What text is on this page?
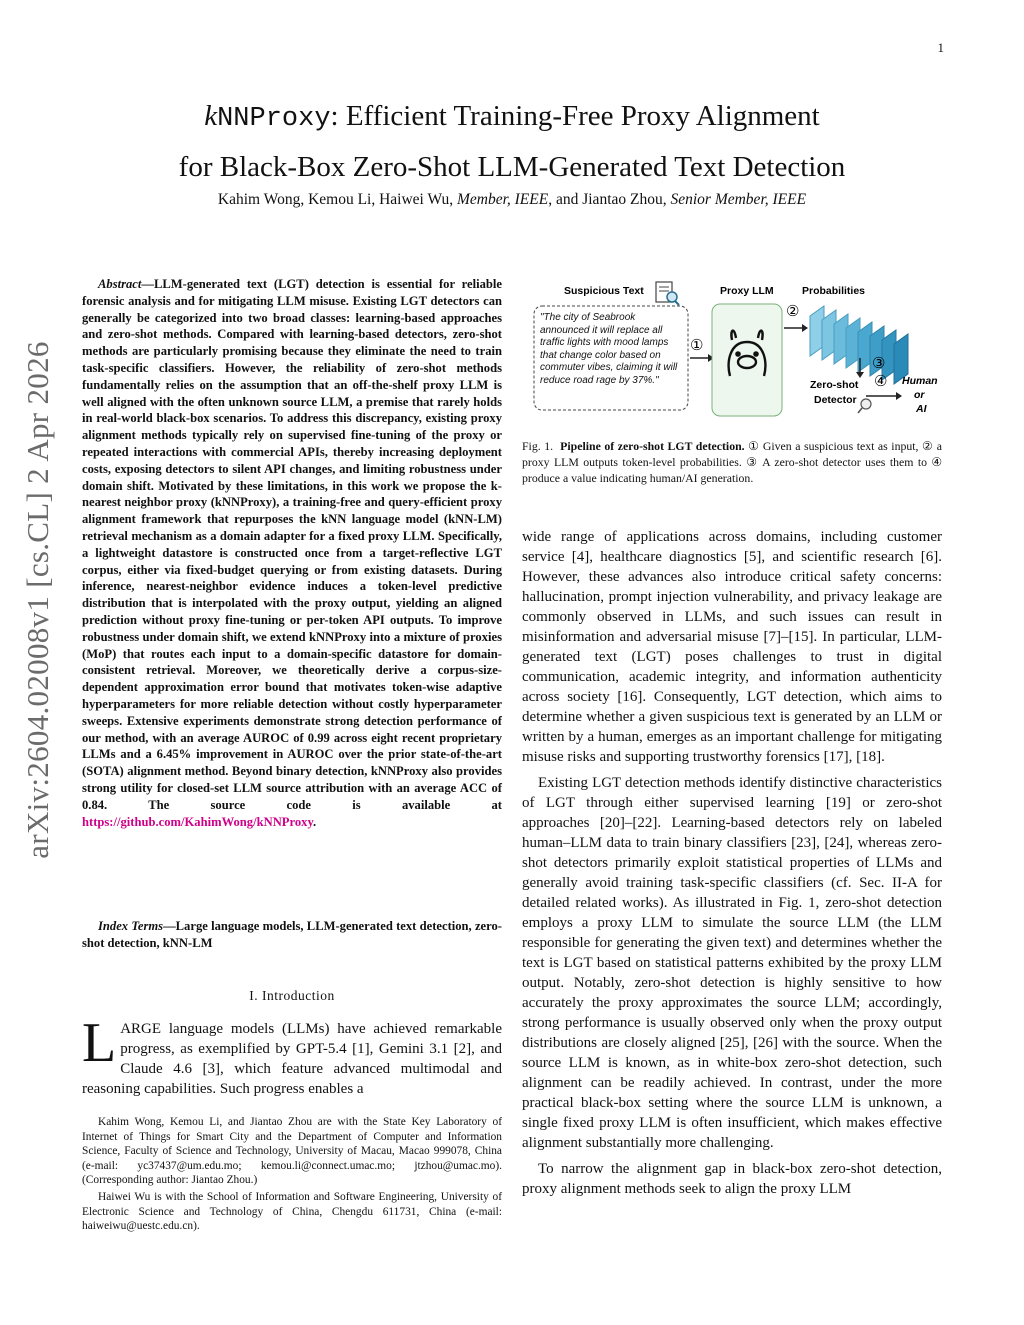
1
arXiv:2604.02008v1 [cs.CL] 2 Apr 2026
kNNProxy: Efficient Training-Free Proxy Alignment
for Black-Box Zero-Shot LLM-Generated Text Detection
Kahim Wong, Kemou Li, Haiwei Wu, Member, IEEE, and Jiantao Zhou, Senior Member, IEEE
Abstract—LLM-generated text (LGT) detection is essential for reliable forensic analysis and for mitigating LLM misuse. Existing LGT detectors can generally be categorized into two broad classes: learning-based approaches and zero-shot methods. Compared with learning-based detectors, zero-shot methods are particularly promising because they eliminate the need to train task-specific classifiers. However, the reliability of zero-shot methods fundamentally relies on the assumption that an off-the-shelf proxy LLM is well aligned with the often unknown source LLM, a premise that rarely holds in real-world black-box scenarios. To address this discrepancy, existing proxy alignment methods typically rely on supervised fine-tuning of the proxy or repeated interactions with commercial APIs, thereby increasing deployment costs, exposing detectors to silent API changes, and limiting robustness under domain shift. Motivated by these limitations, in this work we propose the k-nearest neighbor proxy (kNNProxy), a training-free and query-efficient proxy alignment framework that repurposes the kNN language model (kNN-LM) retrieval mechanism as a domain adapter for a fixed proxy LLM. Specifically, a lightweight datastore is constructed once from a target-reflective LGT corpus, either via fixed-budget querying or from existing datasets. During inference, nearest-neighbor evidence induces a token-level predictive distribution that is interpolated with the proxy output, yielding an aligned prediction without proxy fine-tuning or per-token API outputs. To improve robustness under domain shift, we extend kNNProxy into a mixture of proxies (MoP) that routes each input to a domain-specific datastore for domain-consistent retrieval. Moreover, we theoretically derive a corpus-size-dependent approximation error bound that motivates token-wise adaptive hyperparameters for more reliable detection without costly hyperparameter sweeps. Extensive experiments demonstrate strong detection performance of our method, with an average AUROC of 0.99 across eight recent proprietary LLMs and a 6.45% improvement in AUROC over the prior state-of-the-art (SOTA) alignment method. Beyond binary detection, kNNProxy also provides strong utility for closed-set LLM source attribution with an average ACC of 0.84. The source code is available at https://github.com/KahimWong/kNNProxy.
Index Terms—Large language models, LLM-generated text detection, zero-shot detection, kNN-LM
I. Introduction
LARGE language models (LLMs) have achieved remarkable progress, as exemplified by GPT-5.4 [1], Gemini 3.1 [2], and Claude 4.6 [3], which feature advanced multimodal and reasoning capabilities. Such progress enables a

Kahim Wong, Kemou Li, and Jiantao Zhou are with the State Key Laboratory of Internet of Things for Smart City and the Department of Computer and Information Science, Faculty of Science and Technology, University of Macau, Macao 999078, China (e-mail: yc37437@um.edu.mo; kemou.li@connect.umac.mo; jtzhou@umac.mo). (Corresponding author: Jiantao Zhou.)

Haiwei Wu is with the School of Information and Software Engineering, University of Electronic Science and Technology of China, Chengdu 611731, China (e-mail: haiweiwu@uestc.edu.cn).

Suspicious Text
"The city of Seabrook announced it will replace all traffic lights with mood lamps that change color based on commuter vibes, claiming it will reduce road rage by 37%."
①
Proxy LLM
②
Probabilities
③
Zero-shot
Detector
④ Human
or
AI
Fig. 1. Pipeline of zero-shot LGT detection. ① Given a suspicious text as input, ② a proxy LLM outputs token-level probabilities. ③ A zero-shot detector uses them to ④ produce a value indicating human/AI generation.

wide range of applications across domains, including customer service [4], healthcare diagnostics [5], and scientific research [6]. However, these advances also introduce critical safety concerns: hallucination, prompt injection vulnerability, and privacy leakage are commonly observed in LLMs, and such issues can result in misinformation and adversarial misuse [7]–[15]. In particular, LLM-generated text (LGT) poses challenges to trust in digital communication, academic integrity, and information authenticity across society [16]. Consequently, LGT detection, which aims to determine whether a given suspicious text is generated by an LLM or written by a human, emerges as an important challenge for mitigating misuse risks and supporting trustworthy forensics [17], [18].

Existing LGT detection methods identify distinctive characteristics of LGT through either supervised learning [19] or zero-shot approaches [20]–[22]. Learning-based detectors rely on labeled human–LLM data to train binary classifiers [23], [24], whereas zero-shot detectors primarily exploit statistical properties of LLMs and generally avoid training task-specific classifiers (cf. Sec. II-A for detailed related works). As illustrated in Fig. 1, zero-shot detection employs a proxy LLM to simulate the source LLM (the LLM responsible for generating the given text) and determines whether the text is LGT based on statistical patterns exhibited by the proxy LLM output. Notably, zero-shot detection is highly sensitive to how accurately the proxy approximates the source LLM; accordingly, strong performance is usually observed only when the proxy output distributions are closely aligned [25], [26] with the source. When the source LLM is known, as in white-box zero-shot detection, such alignment can be readily achieved. In contrast, under the more practical black-box setting where the source LLM is unknown, a single fixed proxy LLM is often insufficient, which makes effective alignment substantially more challenging.

To narrow the alignment gap in black-box zero-shot detection, proxy alignment methods seek to align the proxy LLM
